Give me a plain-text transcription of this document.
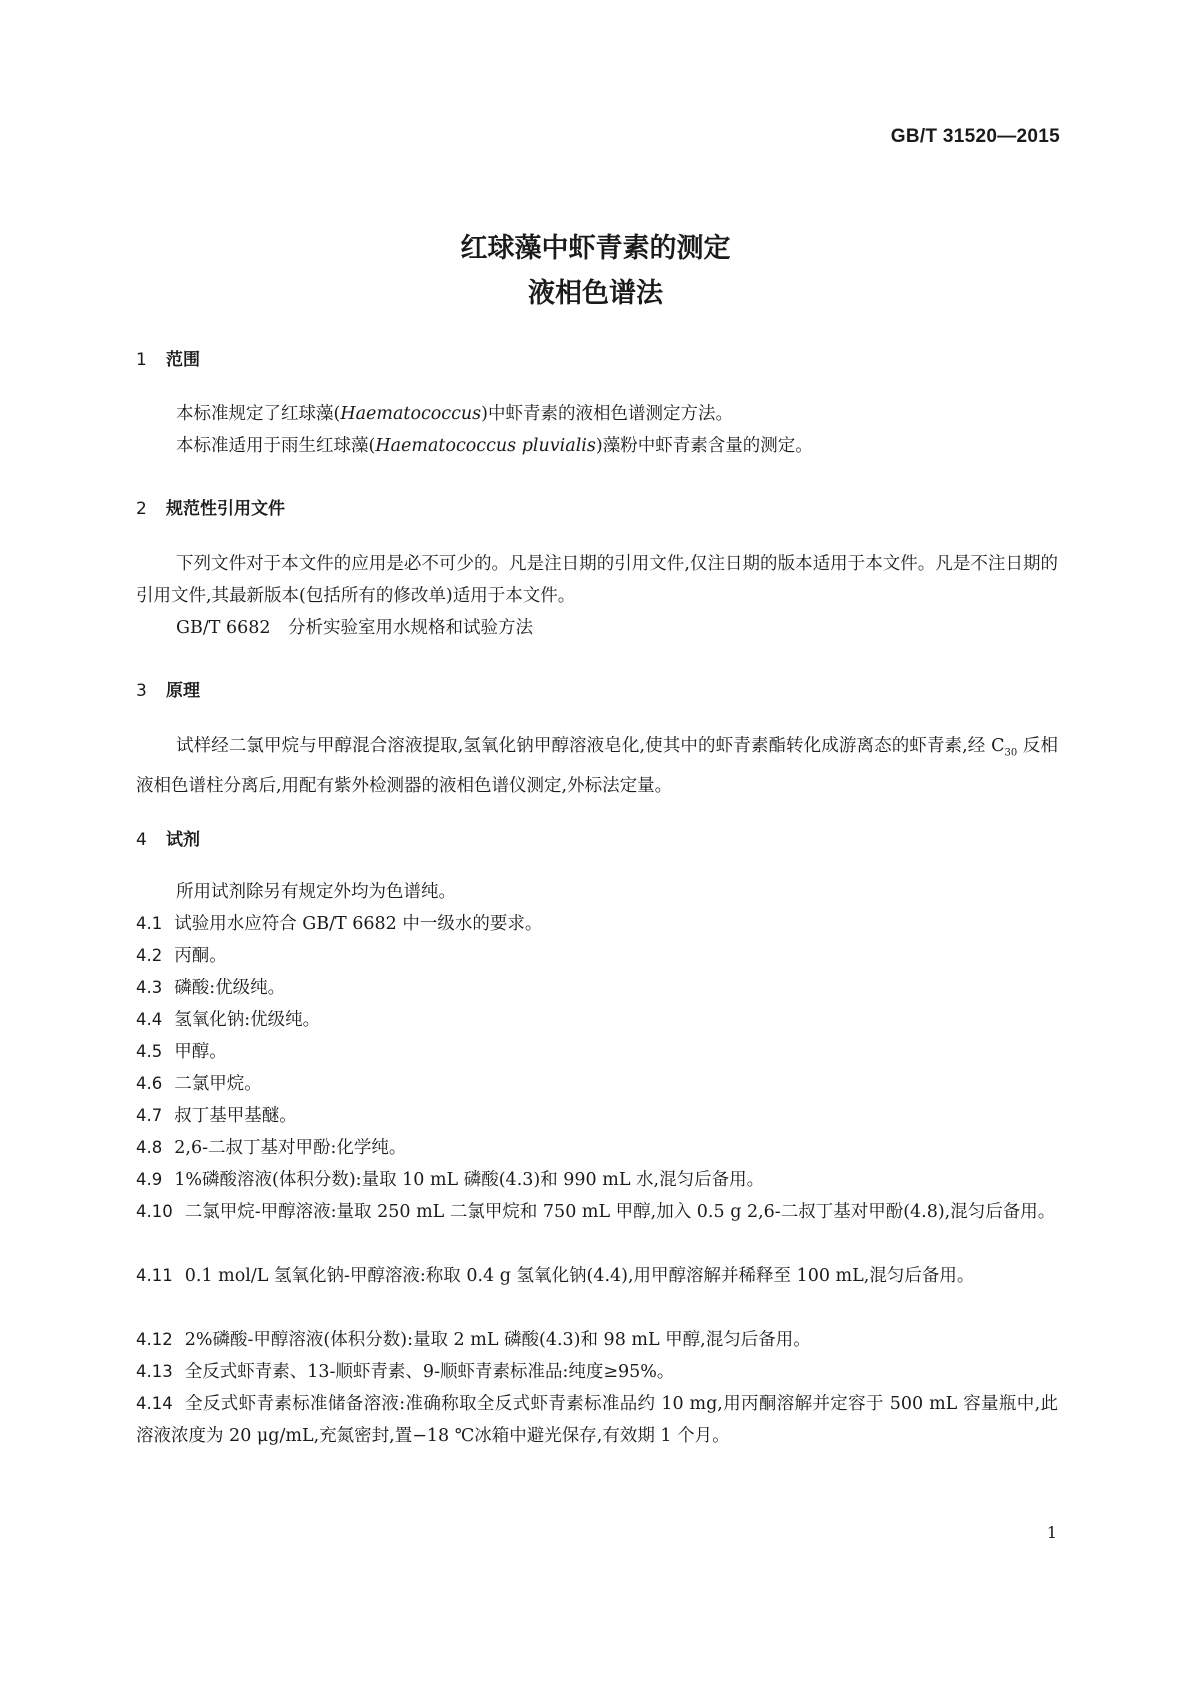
GB/T 31520—2015
红球藻中虾青素的测定
液相色谱法
1 范围
本标准规定了红球藻(Haematococcus)中虾青素的液相色谱测定方法。
本标准适用于雨生红球藻(Haematococcus pluvialis)藻粉中虾青素含量的测定。
2 规范性引用文件
下列文件对于本文件的应用是必不可少的。凡是注日期的引用文件,仅注日期的版本适用于本文件。凡是不注日期的引用文件,其最新版本(包括所有的修改单)适用于本文件。
GB/T 6682　分析实验室用水规格和试验方法
3 原理
试样经二氯甲烷与甲醇混合溶液提取,氢氧化钠甲醇溶液皂化,使其中的虾青素酯转化成游离态的虾青素,经 $C_{30}$ 反相液相色谱柱分离后,用配有紫外检测器的液相色谱仪测定,外标法定量。
4 试剂
所用试剂除另有规定外均为色谱纯。
4.1 试验用水应符合 GB/T 6682 中一级水的要求。
4.2 丙酮。
4.3 磷酸:优级纯。
4.4 氢氧化钠:优级纯。
4.5 甲醇。
4.6 二氯甲烷。
4.7 叔丁基甲基醚。
4.8 2,6-二叔丁基对甲酚:化学纯。
4.9 1%磷酸溶液(体积分数):量取 10 mL 磷酸(4.3)和 990 mL 水,混匀后备用。
4.10 二氯甲烷-甲醇溶液:量取 250 mL 二氯甲烷和 750 mL 甲醇,加入 0.5 g 2,6-二叔丁基对甲酚(4.8),混匀后备用。
4.11 0.1 mol/L 氢氧化钠-甲醇溶液:称取 0.4 g 氢氧化钠(4.4),用甲醇溶解并稀释至 100 mL,混匀后备用。
4.12 2%磷酸-甲醇溶液(体积分数):量取 2 mL 磷酸(4.3)和 98 mL 甲醇,混匀后备用。
4.13 全反式虾青素、13-顺虾青素、9-顺虾青素标准品:纯度≥95%。
4.14 全反式虾青素标准储备溶液:准确称取全反式虾青素标准品约 10 mg,用丙酮溶解并定容于 500 mL 容量瓶中,此溶液浓度为 20 μg/mL,充氮密封,置−18 ℃冰箱中避光保存,有效期 1 个月。
1
